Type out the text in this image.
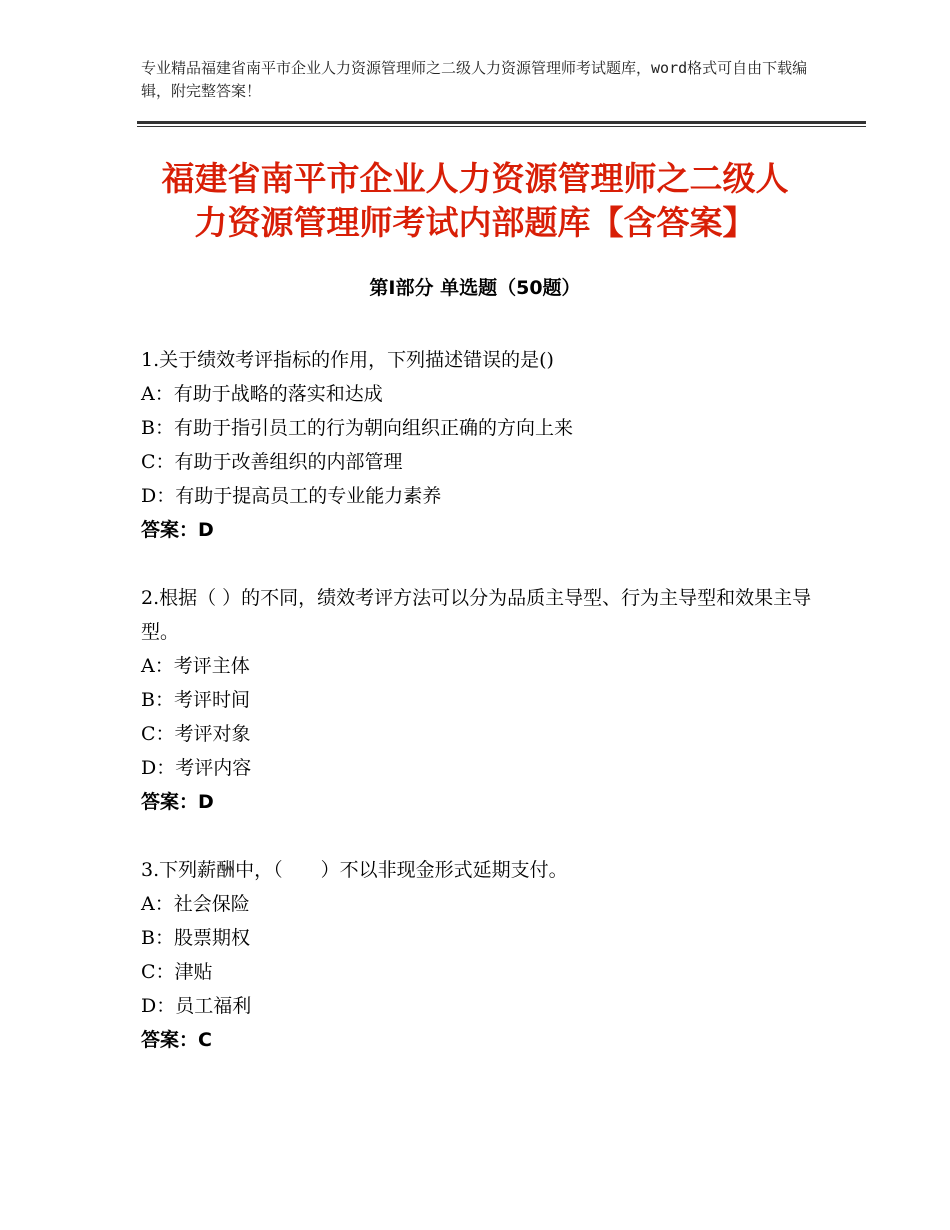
专业精品福建省南平市企业人力资源管理师之二级人力资源管理师考试题库，word格式可自由下载编辑，附完整答案！
福建省南平市企业人力资源管理师之二级人
力资源管理师考试内部题库【含答案】
第Ⅰ部分 单选题（50题）

1.关于绩效考评指标的作用，下列描述错误的是()

A：有助于战略的落实和达成

B：有助于指引员工的行为朝向组织正确的方向上来

C：有助于改善组织的内部管理

D：有助于提高员工的专业能力素养

答案：D

2.根据（ ）的不同，绩效考评方法可以分为品质主导型、行为主导型和效果主导型。

A：考评主体

B：考评时间

C：考评对象

D：考评内容

答案：D

3.下列薪酬中，（　　）不以非现金形式延期支付。

A：社会保险

B：股票期权

C：津贴

D：员工福利

答案：C
